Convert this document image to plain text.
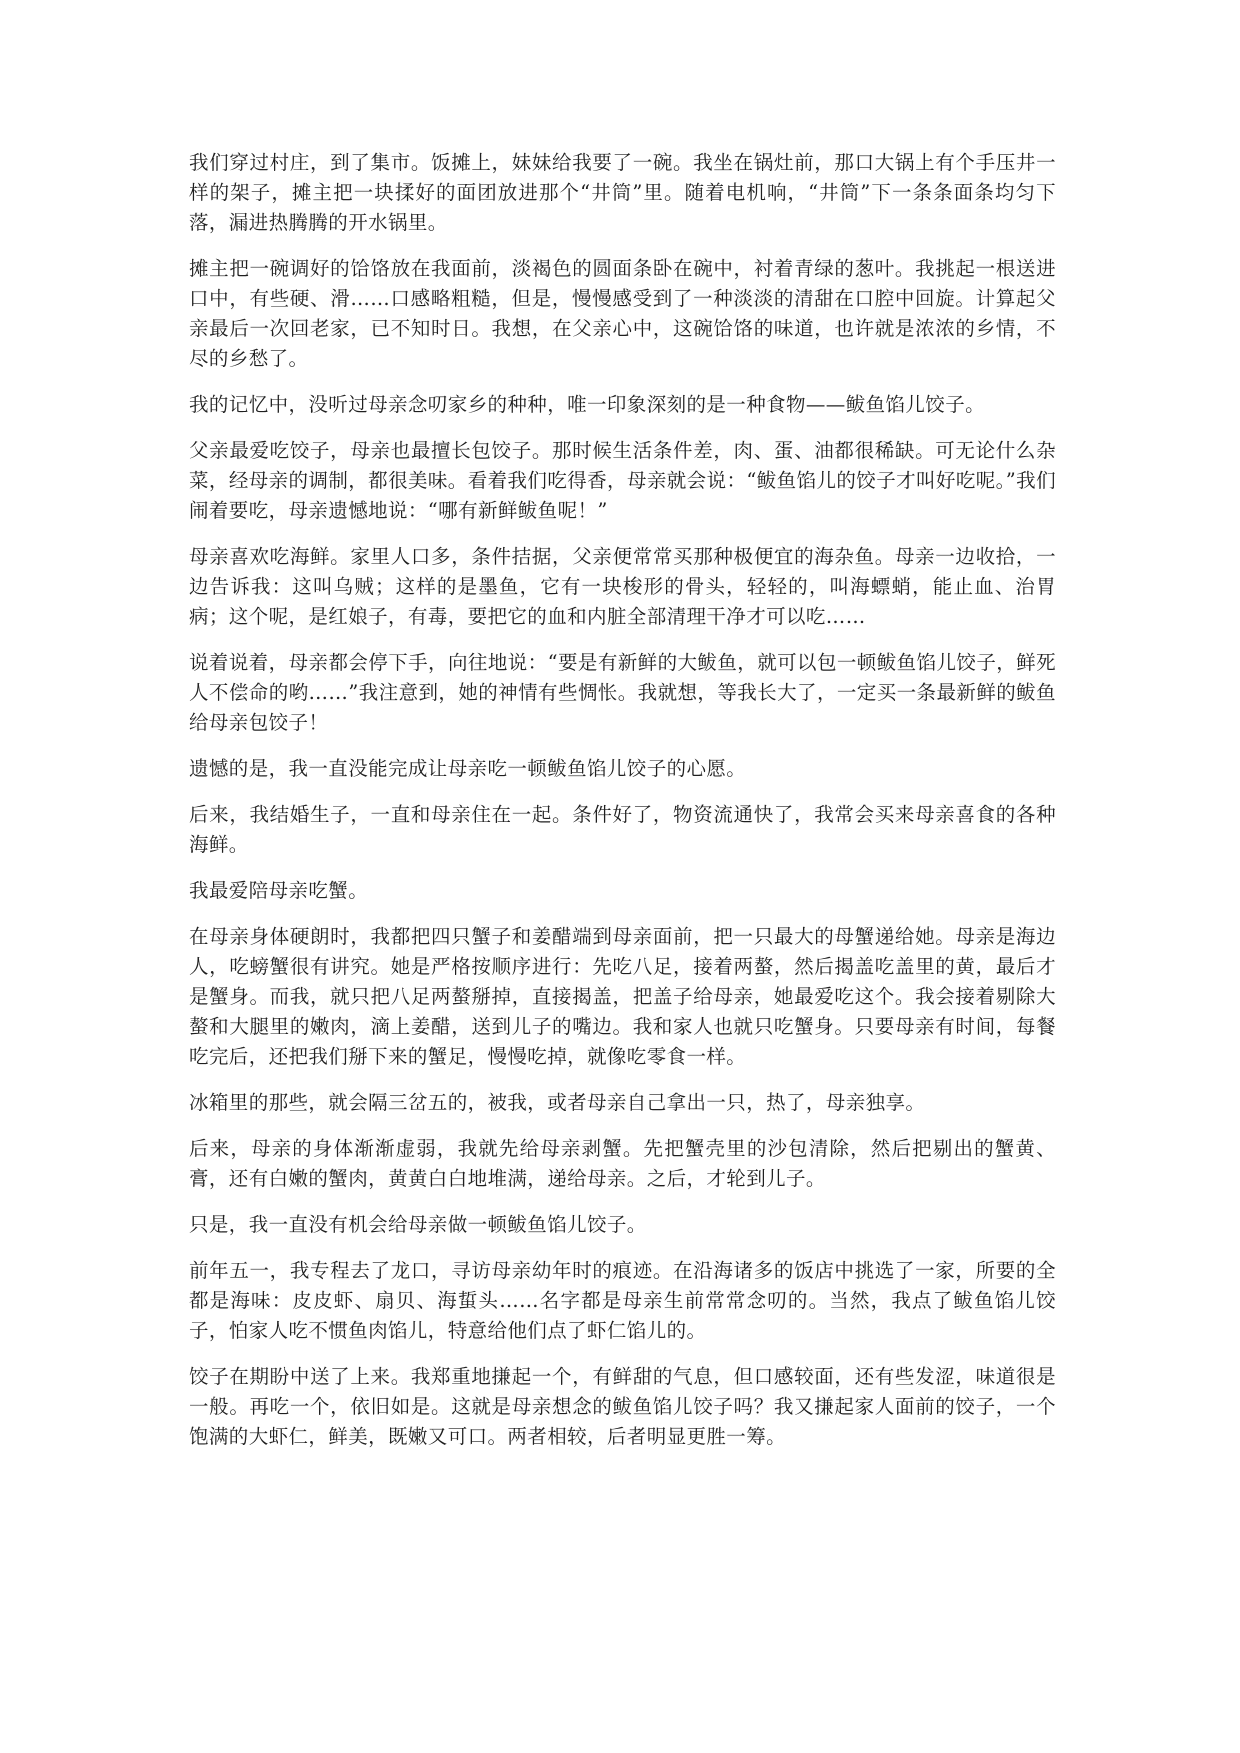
我们穿过村庄，到了集市。饭摊上，妹妹给我要了一碗。我坐在锅灶前，那口大锅上有个手压井一样的架子，摊主把一块揉好的面团放进那个“井筒”里。随着电机响，“井筒”下一条条面条均匀下落，漏进热腾腾的开水锅里。

摊主把一碗调好的饸饹放在我面前，淡褐色的圆面条卧在碗中，衬着青绿的葱叶。我挑起一根送进口中，有些硬、滑……口感略粗糙，但是，慢慢感受到了一种淡淡的清甜在口腔中回旋。计算起父亲最后一次回老家，已不知时日。我想，在父亲心中，这碗饸饹的味道，也许就是浓浓的乡情，不尽的乡愁了。

我的记忆中，没听过母亲念叨家乡的种种，唯一印象深刻的是一种食物——鲅鱼馅儿饺子。

父亲最爱吃饺子，母亲也最擅长包饺子。那时候生活条件差，肉、蛋、油都很稀缺。可无论什么杂菜，经母亲的调制，都很美味。看着我们吃得香，母亲就会说：“鲅鱼馅儿的饺子才叫好吃呢。”我们闹着要吃，母亲遗憾地说：“哪有新鲜鲅鱼呢！”

母亲喜欢吃海鲜。家里人口多，条件拮据，父亲便常常买那种极便宜的海杂鱼。母亲一边收拾，一边告诉我：这叫乌贼；这样的是墨鱼，它有一块梭形的骨头，轻轻的，叫海螵蛸，能止血、治胃病；这个呢，是红娘子，有毒，要把它的血和内脏全部清理干净才可以吃……

说着说着，母亲都会停下手，向往地说：“要是有新鲜的大鲅鱼，就可以包一顿鲅鱼馅儿饺子，鲜死人不偿命的哟……”我注意到，她的神情有些惆怅。我就想，等我长大了，一定买一条最新鲜的鲅鱼给母亲包饺子！

遗憾的是，我一直没能完成让母亲吃一顿鲅鱼馅儿饺子的心愿。

后来，我结婚生子，一直和母亲住在一起。条件好了，物资流通快了，我常会买来母亲喜食的各种海鲜。

我最爱陪母亲吃蟹。

在母亲身体硬朗时，我都把四只蟹子和姜醋端到母亲面前，把一只最大的母蟹递给她。母亲是海边人，吃螃蟹很有讲究。她是严格按顺序进行：先吃八足，接着两螯，然后揭盖吃盖里的黄，最后才是蟹身。而我，就只把八足两螯掰掉，直接揭盖，把盖子给母亲，她最爱吃这个。我会接着剔除大螯和大腿里的嫩肉，滴上姜醋，送到儿子的嘴边。我和家人也就只吃蟹身。只要母亲有时间，每餐吃完后，还把我们掰下来的蟹足，慢慢吃掉，就像吃零食一样。

冰箱里的那些，就会隔三岔五的，被我，或者母亲自己拿出一只，热了，母亲独享。

后来，母亲的身体渐渐虚弱，我就先给母亲剥蟹。先把蟹壳里的沙包清除，然后把剔出的蟹黄、膏，还有白嫩的蟹肉，黄黄白白地堆满，递给母亲。之后，才轮到儿子。

只是，我一直没有机会给母亲做一顿鲅鱼馅儿饺子。

前年五一，我专程去了龙口，寻访母亲幼年时的痕迹。在沿海诸多的饭店中挑选了一家，所要的全都是海味：皮皮虾、扇贝、海蜇头……名字都是母亲生前常常念叨的。当然，我点了鲅鱼馅儿饺子，怕家人吃不惯鱼肉馅儿，特意给他们点了虾仁馅儿的。

饺子在期盼中送了上来。我郑重地搛起一个，有鲜甜的气息，但口感较面，还有些发涩，味道很是一般。再吃一个，依旧如是。这就是母亲想念的鲅鱼馅儿饺子吗？我又搛起家人面前的饺子，一个饱满的大虾仁，鲜美，既嫩又可口。两者相较，后者明显更胜一筹。
